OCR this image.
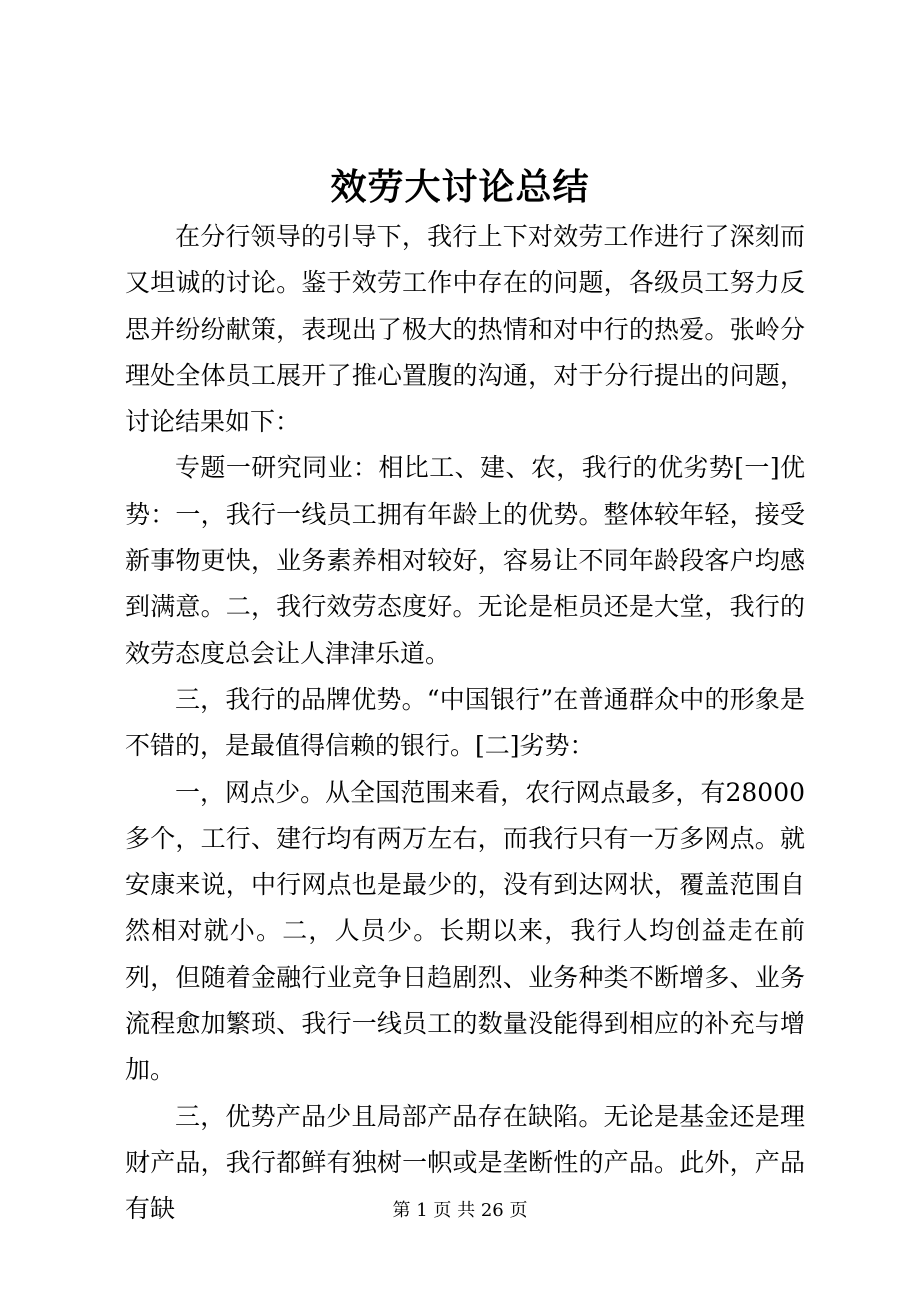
效劳大讨论总结

在分行领导的引导下，我行上下对效劳工作进行了深刻而又坦诚的讨论。鉴于效劳工作中存在的问题，各级员工努力反思并纷纷献策，表现出了极大的热情和对中行的热爱。张岭分理处全体员工展开了推心置腹的沟通，对于分行提出的问题，讨论结果如下：

专题一研究同业：相比工、建、农，我行的优劣势[一]优势：一，我行一线员工拥有年龄上的优势。整体较年轻，接受新事物更快，业务素养相对较好，容易让不同年龄段客户均感到满意。二，我行效劳态度好。无论是柜员还是大堂，我行的效劳态度总会让人津津乐道。

三，我行的品牌优势。“中国银行”在普通群众中的形象是不错的，是最值得信赖的银行。[二]劣势：

一，网点少。从全国范围来看，农行网点最多，有28000多个，工行、建行均有两万左右，而我行只有一万多网点。就安康来说，中行网点也是最少的，没有到达网状，覆盖范围自然相对就小。二，人员少。长期以来，我行人均创益走在前列，但随着金融行业竞争日趋剧烈、业务种类不断增多、业务流程愈加繁琐、我行一线员工的数量没能得到相应的补充与增加。

三，优势产品少且局部产品存在缺陷。无论是基金还是理财产品，我行都鲜有独树一帜或是垄断性的产品。此外，产品有缺	第 1 页 共 26 页
